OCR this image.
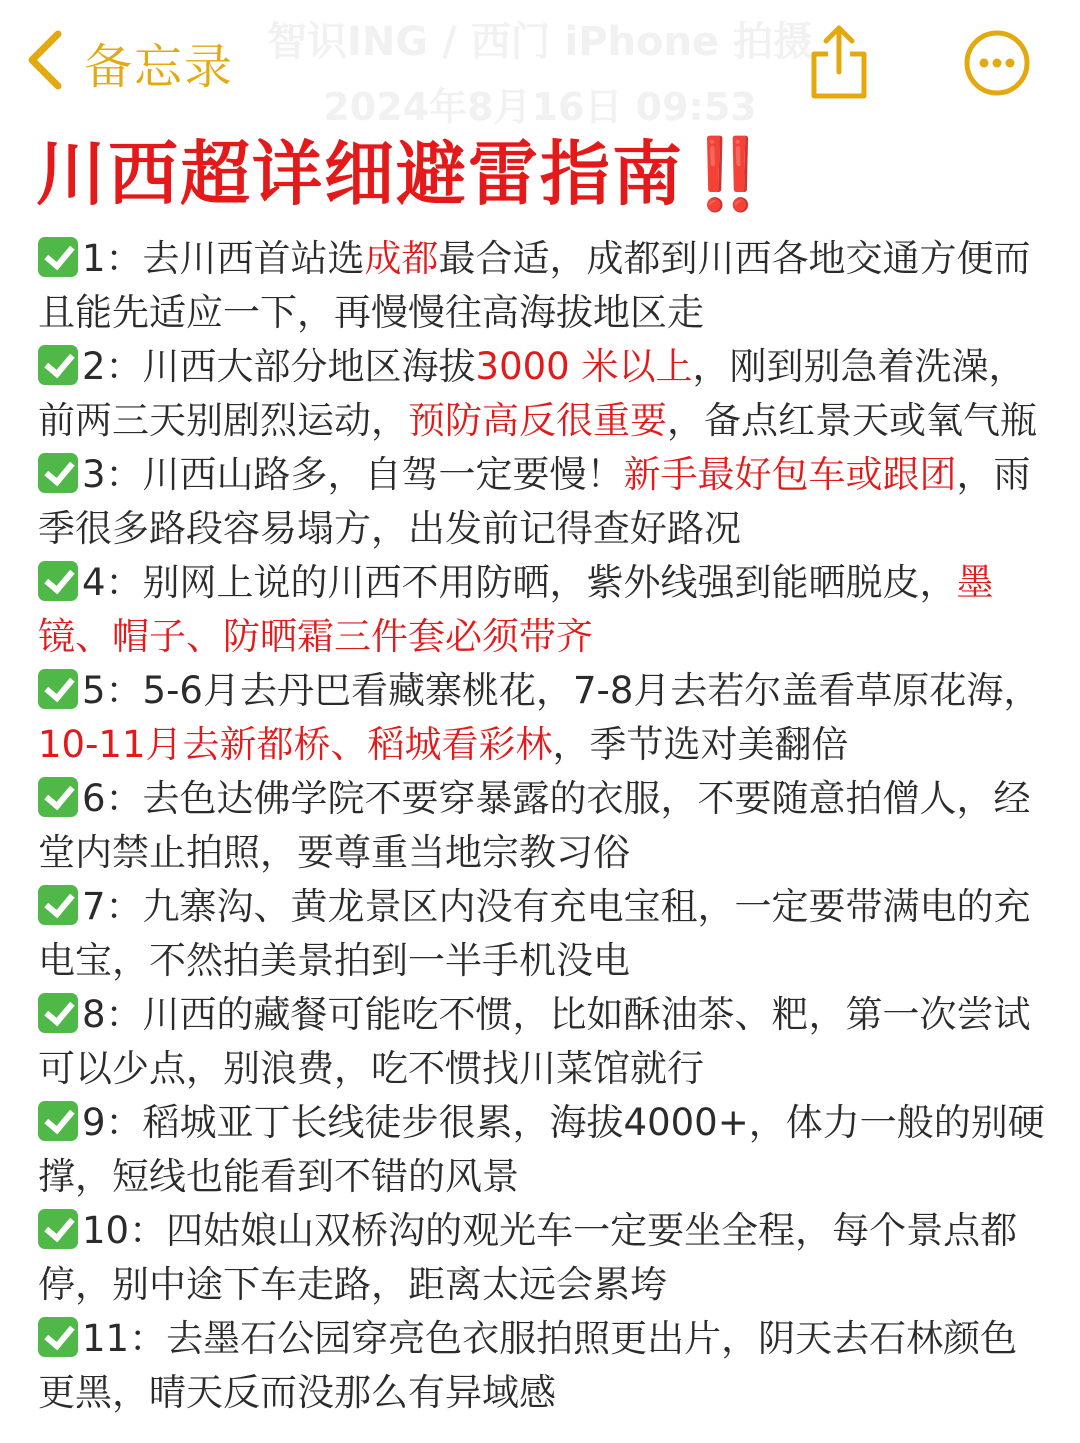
智识ING / 西门 iPhone 拍摄
2024年8月16日 09:53
备忘录
川西超详细避雷指南‼️
1：去川西首站选成都最合适，成都到川西各地交通方便而且能先适应一下，再慢慢往高海拔地区走
2：川西大部分地区海拔3000 米以上，刚到别急着洗澡，前两三天别剧烈运动，预防高反很重要，备点红景天或氧气瓶
3：川西山路多，自驾一定要慢！新手最好包车或跟团，雨季很多路段容易塌方，出发前记得查好路况
4：别网上说的川西不用防晒，紫外线强到能晒脱皮，墨镜、帽子、防晒霜三件套必须带齐
5：5-6月去丹巴看藏寨桃花，7-8月去若尔盖看草原花海，10-11月去新都桥、稻城看彩林，季节选对美翻倍
6：去色达佛学院不要穿暴露的衣服，不要随意拍僧人，经堂内禁止拍照，要尊重当地宗教习俗
7：九寨沟、黄龙景区内没有充电宝租，一定要带满电的充电宝，不然拍美景拍到一半手机没电
8：川西的藏餐可能吃不惯，比如酥油茶、粑，第一次尝试可以少点，别浪费，吃不惯找川菜馆就行
9：稻城亚丁长线徒步很累，海拔4000+，体力一般的别硬撑，短线也能看到不错的风景
10：四姑娘山双桥沟的观光车一定要坐全程，每个景点都停，别中途下车走路，距离太远会累垮
11：去墨石公园穿亮色衣服拍照更出片，阴天去石林颜色更黑，晴天反而没那么有异域感
